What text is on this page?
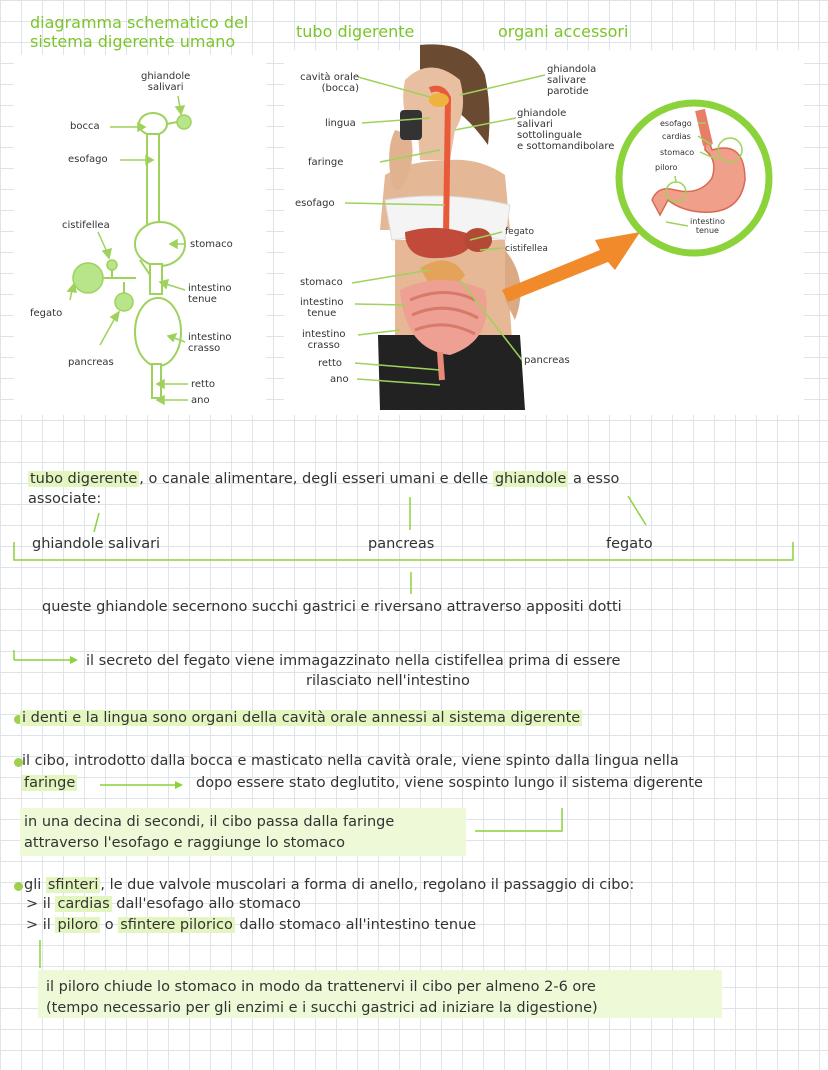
diagramma schematico del
sistema digerente umano
tubo digerente	organi accessori
ghiandole
salivari
bocca
esofago
cistifellea
stomaco
fegato
intestino
tenue
intestino
crasso
pancreas
retto
ano
cavità orale
(bocca)
lingua
faringe
esofago
stomaco
intestino
tenue
intestino
crasso
retto
ano
ghiandola
salivare
parotide
ghiandole
salivari
sottolinguale
e sottomandibolare
fegato
cistifellea
pancreas
esofago
cardias
stomaco
piloro
intestino
tenue
tubo digerente , o canale alimentare, degli esseri umani e delle ghiandole a esso
associate:
ghiandole salivari	pancreas	fegato
queste ghiandole secernono succhi gastrici e riversano attraverso appositi dotti
il secreto del fegato viene immagazzinato nella cistifellea prima di essere
rilasciato nell'intestino
i denti e la lingua sono organi della cavità orale annessi al sistema digerente
il cibo, introdotto dalla bocca e masticato nella cavità orale, viene spinto dalla lingua nella
faringe	dopo essere stato deglutito, viene sospinto lungo il sistema digerente
in una decina di secondi, il cibo passa dalla faringe
attraverso l'esofago e raggiunge lo stomaco
gli sfinteri , le due valvole muscolari a forma di anello, regolano il passaggio di cibo:
> il cardias dall'esofago allo stomaco
> il piloro o sfintere pilorico dallo stomaco all'intestino tenue
il piloro chiude lo stomaco in modo da trattenervi il cibo per almeno 2-6 ore
(tempo necessario per gli enzimi e i succhi gastrici ad iniziare la digestione)
